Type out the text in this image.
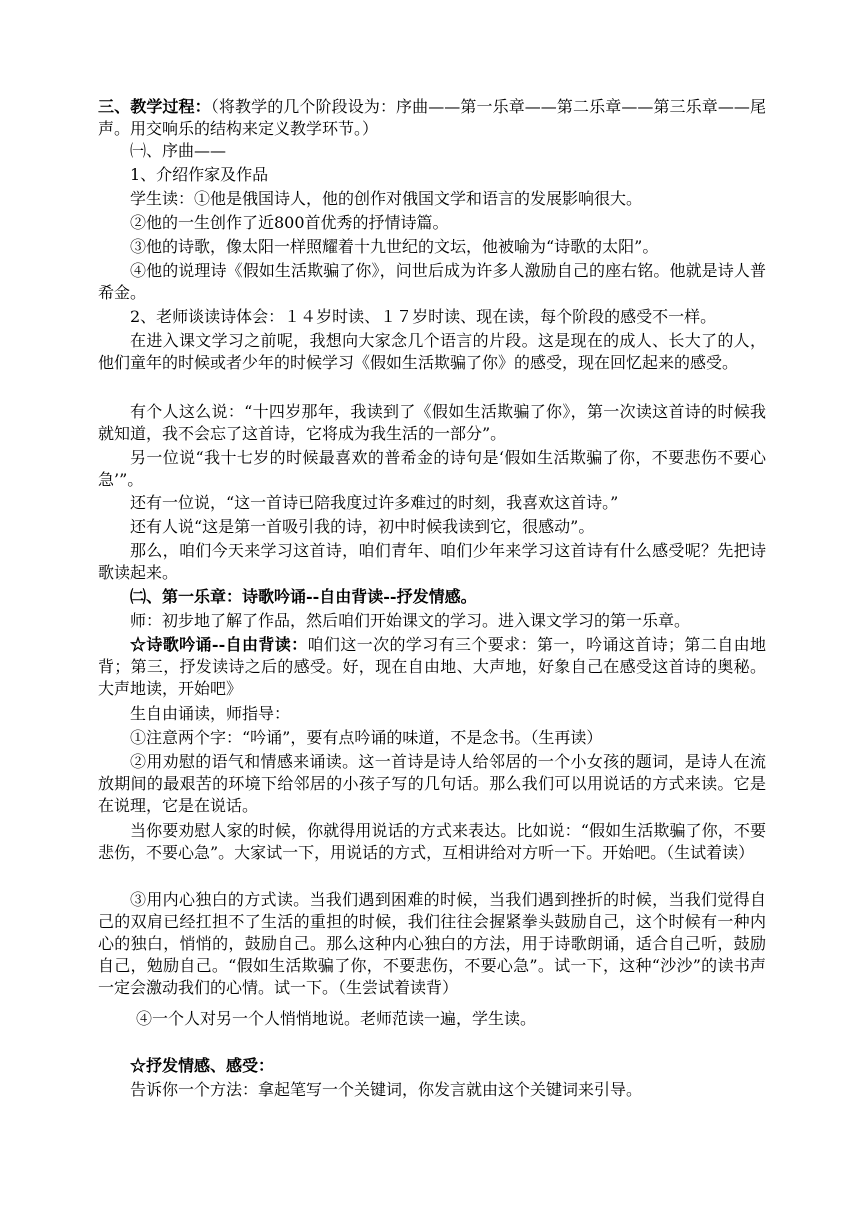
三、教学过程：（将教学的几个阶段设为：序曲——第一乐章——第二乐章——第三乐章——尾声。用交响乐的结构来定义教学环节。）

㈠、序曲——

1、介绍作家及作品

学生读：①他是俄国诗人，他的创作对俄国文学和语言的发展影响很大。

②他的一生创作了近800首优秀的抒情诗篇。

③他的诗歌，像太阳一样照耀着十九世纪的文坛，他被喻为“诗歌的太阳”。

④他的说理诗《假如生活欺骗了你》，问世后成为许多人激励自己的座右铭。他就是诗人普希金。

2、老师谈读诗体会：１４岁时读、１７岁时读、现在读，每个阶段的感受不一样。

在进入课文学习之前呢，我想向大家念几个语言的片段。这是现在的成人、长大了的人，他们童年的时候或者少年的时候学习《假如生活欺骗了你》的感受，现在回忆起来的感受。

有个人这么说：“十四岁那年，我读到了《假如生活欺骗了你》，第一次读这首诗的时候我就知道，我不会忘了这首诗，它将成为我生活的一部分”。

另一位说“我十七岁的时候最喜欢的普希金的诗句是‘假如生活欺骗了你，不要悲伤不要心急’”。

还有一位说，“这一首诗已陪我度过许多难过的时刻，我喜欢这首诗。”

还有人说“这是第一首吸引我的诗，初中时候我读到它，很感动”。

那么，咱们今天来学习这首诗，咱们青年、咱们少年来学习这首诗有什么感受呢？先把诗歌读起来。

㈡、第一乐章：诗歌吟诵--自由背读--抒发情感。

师：初步地了解了作品，然后咱们开始课文的学习。进入课文学习的第一乐章。

☆诗歌吟诵--自由背读：咱们这一次的学习有三个要求：第一，吟诵这首诗；第二自由地背；第三，抒发读诗之后的感受。好，现在自由地、大声地，好象自己在感受这首诗的奥秘。大声地读，开始吧》

生自由诵读，师指导：

①注意两个字：“吟诵”，要有点吟诵的味道，不是念书。（生再读）

②用劝慰的语气和情感来诵读。这一首诗是诗人给邻居的一个小女孩的题词，是诗人在流放期间的最艰苦的环境下给邻居的小孩子写的几句话。那么我们可以用说话的方式来读。它是在说理，它是在说话。

当你要劝慰人家的时候，你就得用说话的方式来表达。比如说：“假如生活欺骗了你，不要悲伤，不要心急”。大家试一下，用说话的方式，互相讲给对方听一下。开始吧。（生试着读）

③用内心独白的方式读。当我们遇到困难的时候，当我们遇到挫折的时候，当我们觉得自己的双肩已经扛担不了生活的重担的时候，我们往往会握紧拳头鼓励自己，这个时候有一种内心的独白，悄悄的，鼓励自己。那么这种内心独白的方法，用于诗歌朗诵，适合自己听，鼓励自己，勉励自己。“假如生活欺骗了你，不要悲伤，不要心急”。试一下，这种“沙沙”的读书声一定会激动我们的心情。试一下。（生尝试着读背）

④一个人对另一个人悄悄地说。老师范读一遍，学生读。

☆抒发情感、感受：

告诉你一个方法：拿起笔写一个关键词，你发言就由这个关键词来引导。
